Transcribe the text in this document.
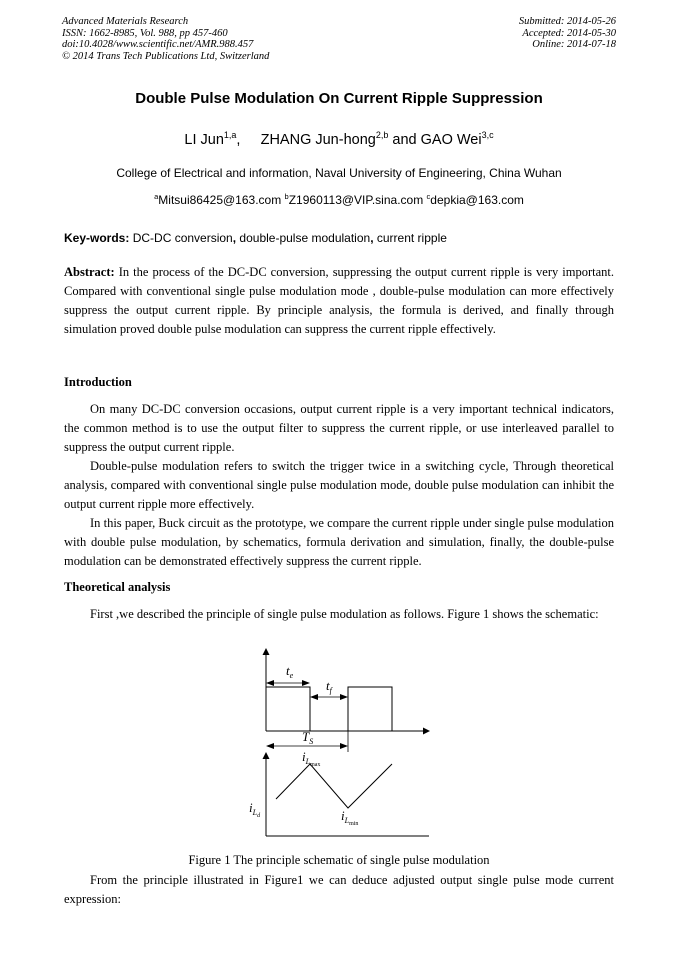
Advanced Materials Research
ISSN: 1662-8985, Vol. 988, pp 457-460
doi:10.4028/www.scientific.net/AMR.988.457
© 2014 Trans Tech Publications Ltd, Switzerland
Submitted: 2014-05-26
Accepted: 2014-05-30
Online: 2014-07-18
Double Pulse Modulation On Current Ripple Suppression
LI Jun$^{1,a}$, ZHANG Jun-hong$^{2,b}$ and GAO Wei$^{3,c}$
College of Electrical and information, Naval University of Engineering, China Wuhan
$^a$Mitsui86425@163.com $^b$Z1960113@VIP.sina.com $^c$depkia@163.com
Key-words: DC-DC conversion, double-pulse modulation, current ripple
Abstract: In the process of the DC-DC conversion, suppressing the output current ripple is very important. Compared with conventional single pulse modulation mode , double-pulse modulation can more effectively suppress the output current ripple. By principle analysis, the formula is derived, and finally through simulation proved double pulse modulation can suppress the current ripple effectively.
Introduction
On many DC-DC conversion occasions, output current ripple is a very important technical indicators, the common method is to use the output filter to suppress the current ripple, or use interleaved parallel to suppress the output current ripple.
Double-pulse modulation refers to switch the trigger twice in a switching cycle, Through theoretical analysis, compared with conventional single pulse modulation mode, double pulse modulation can inhibit the output current ripple more effectively.
In this paper, Buck circuit as the prototype, we compare the current ripple under single pulse modulation with double pulse modulation, by schematics, formula derivation and simulation, finally, the double-pulse modulation can be demonstrated effectively suppress the current ripple.
Theoretical analysis
First ,we described the principle of single pulse modulation as follows. Figure 1 shows the schematic:
$t_e$
$t_f$
$T_S$
$i_L\max$
$i_Ld$	$i_L\min$
Figure 1 The principle schematic of single pulse modulation
From the principle illustrated in Figure1 we can deduce adjusted output single pulse mode current expression:
